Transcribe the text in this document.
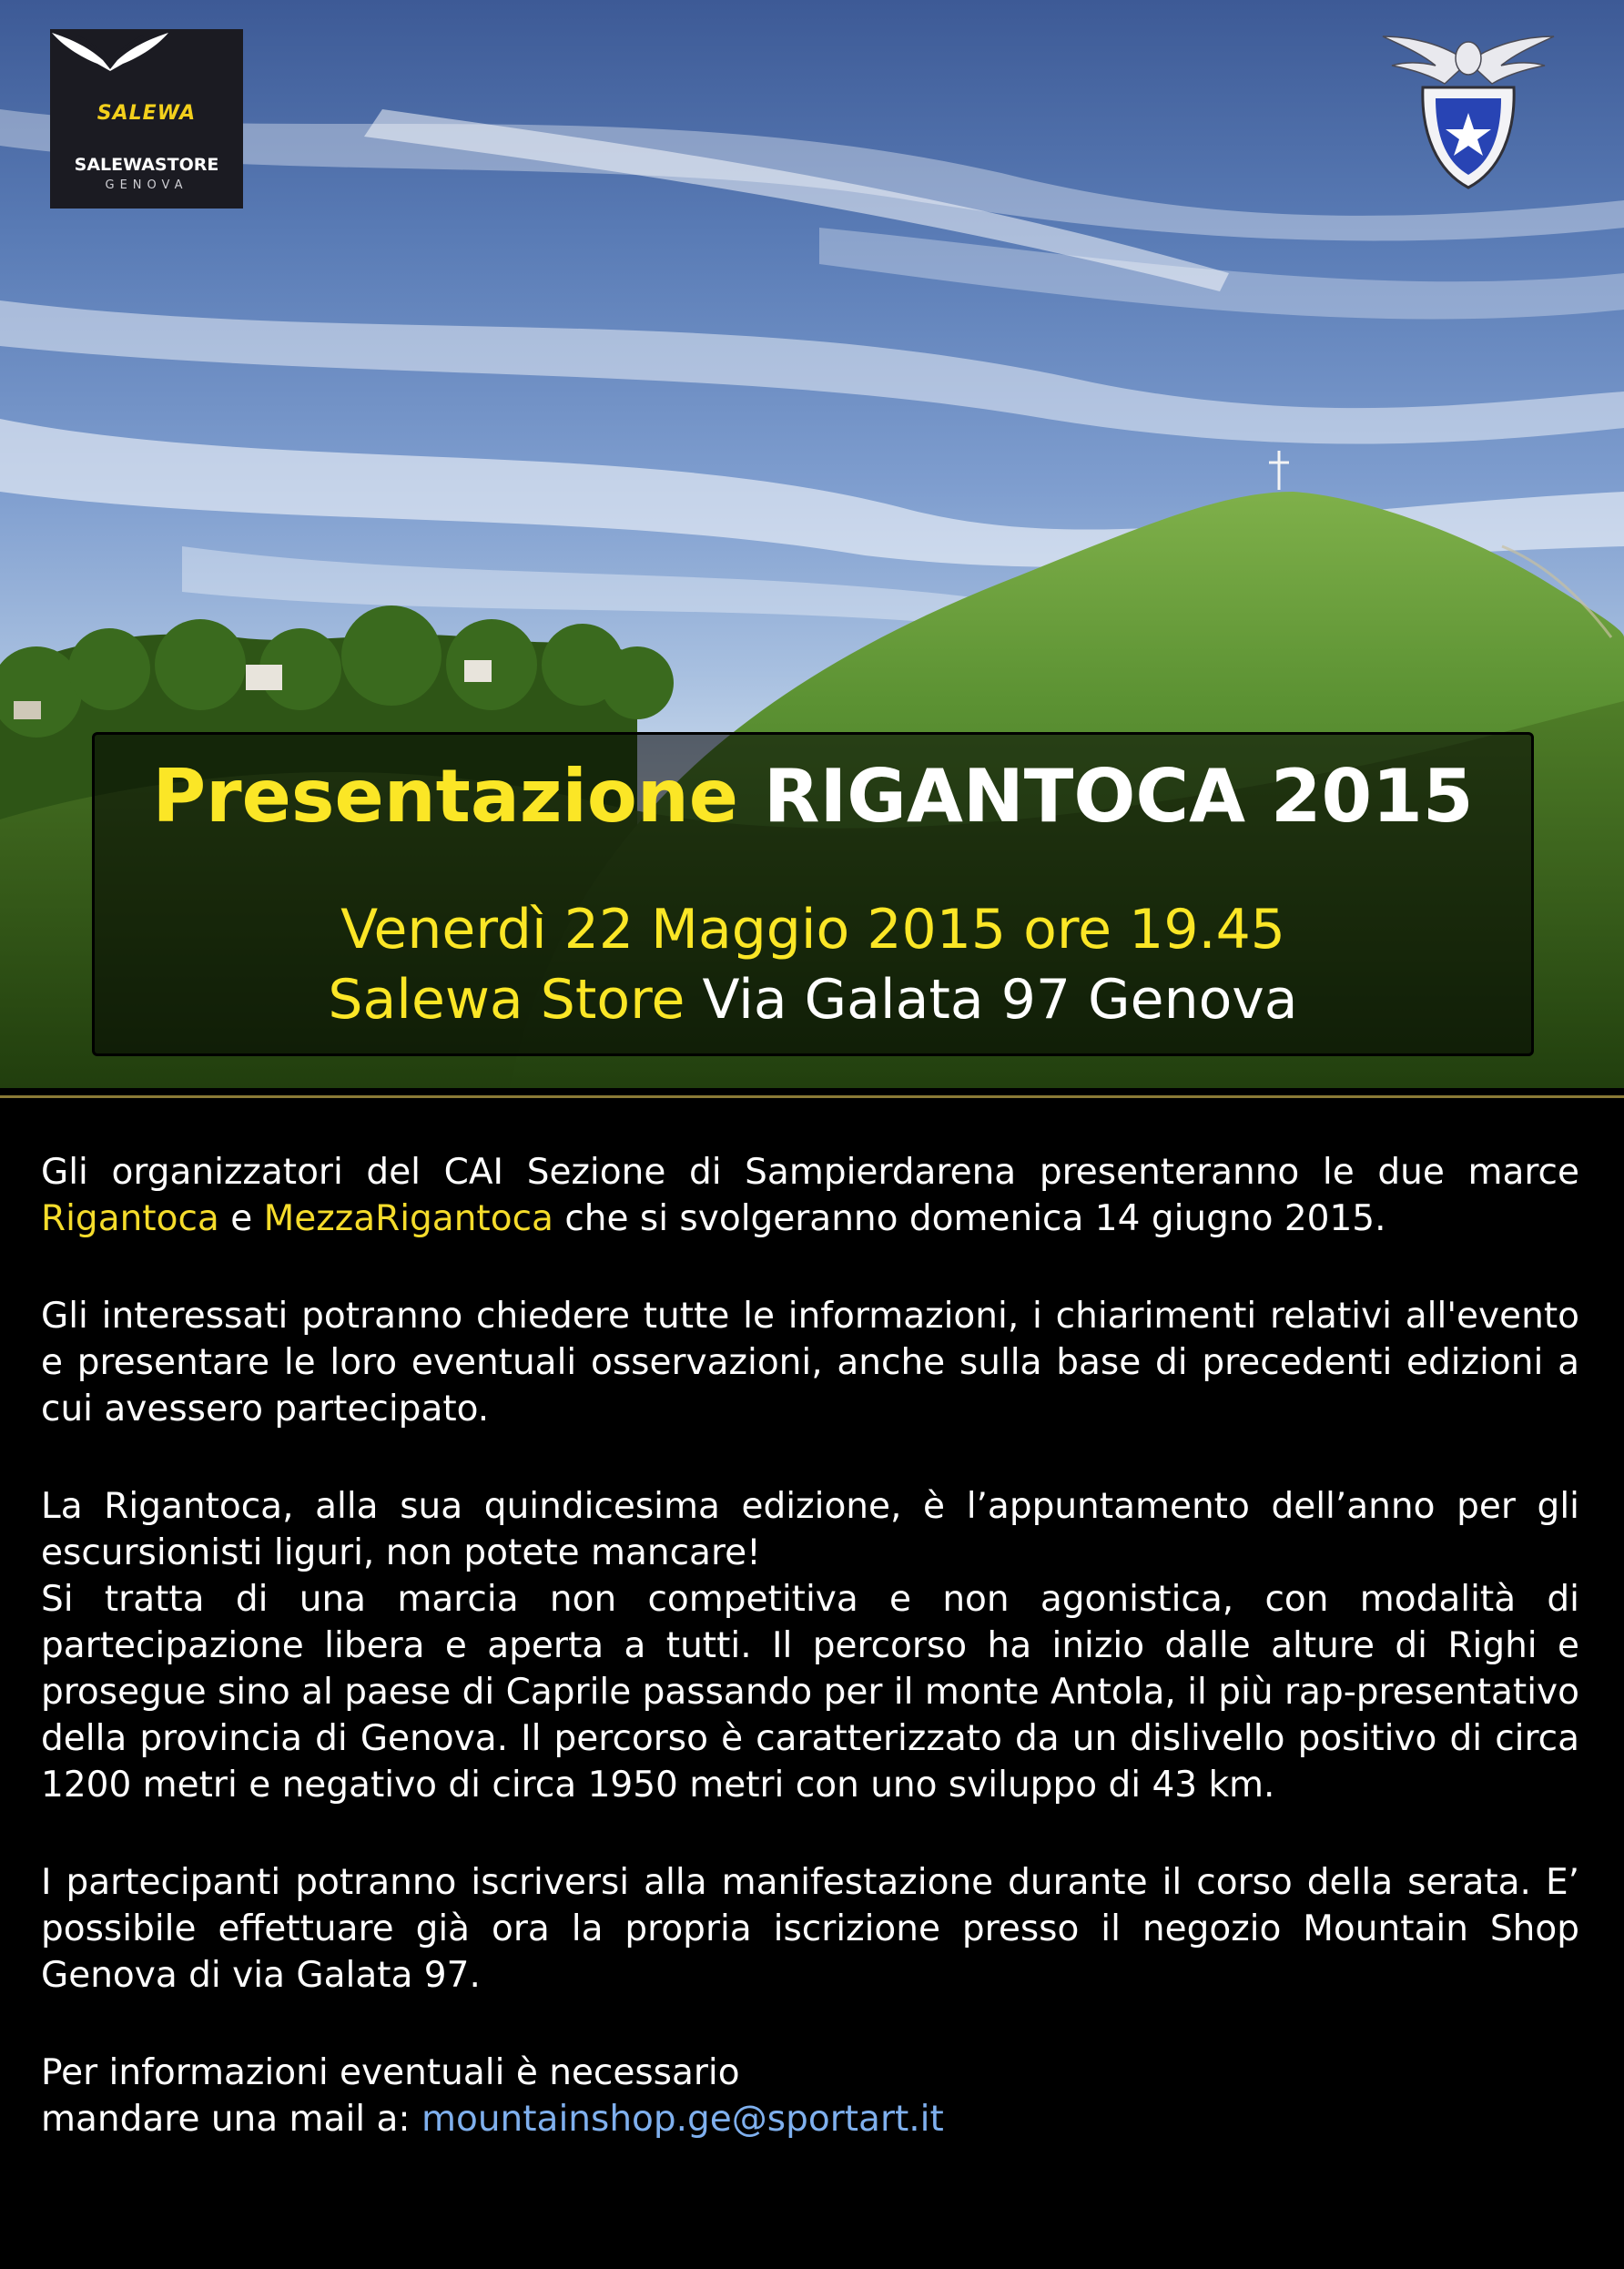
SALEWA
SALEWASTORE
GENOVA
Presentazione RIGANTOCA 2015
Venerdì 22 Maggio 2015 ore 19.45
Salewa Store Via Galata 97 Genova

Gli organizzatori del CAI Sezione di Sampierdarena presenteranno le due marce Rigantoca e MezzaRigantoca che si svolgeranno domenica 14 giugno 2015.

Gli interessati potranno chiedere tutte le informazioni, i chiarimenti relativi all'evento e presentare le loro eventuali osservazioni, anche sulla base di precedenti edizioni a cui avessero partecipato.

La Rigantoca, alla sua quindicesima edizione, è l’appuntamento dell’anno per gli escursionisti liguri, non potete mancare!

Si tratta di una marcia non competitiva e non agonistica, con modalità di partecipazione libera e aperta a tutti. Il percorso ha inizio dalle alture di Righi e prosegue sino al paese di Caprile passando per il monte Antola, il più rap-presentativo della provincia di Genova. Il percorso è caratterizzato da un dislivello positivo di circa 1200 metri e negativo di circa 1950 metri con uno sviluppo di 43 km.

I partecipanti potranno iscriversi alla manifestazione durante il corso della serata. E’ possibile effettuare già ora la propria iscrizione presso il negozio Mountain Shop Genova di via Galata 97.

Per informazioni eventuali è necessario
mandare una mail a: mountainshop.ge@sportart.it
